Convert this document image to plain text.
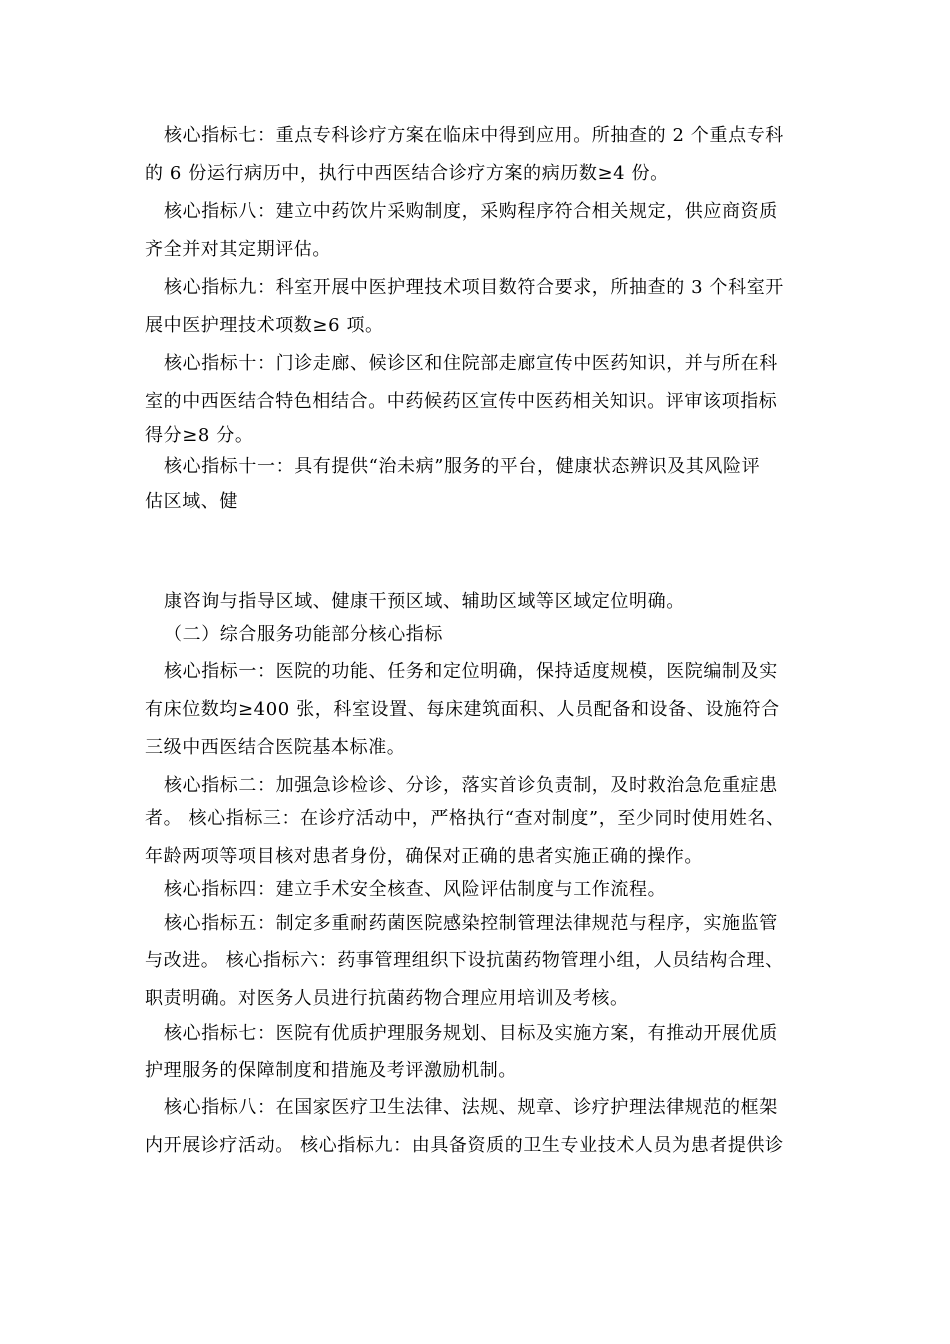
核心指标七：重点专科诊疗方案在临床中得到应用。所抽查的 2 个重点专科

的 6 份运行病历中，执行中西医结合诊疗方案的病历数≥4 份。

核心指标八：建立中药饮片采购制度，采购程序符合相关规定，供应商资质

齐全并对其定期评估。

核心指标九：科室开展中医护理技术项目数符合要求，所抽查的 3 个科室开

展中医护理技术项数≥6 项。

核心指标十：门诊走廊、候诊区和住院部走廊宣传中医药知识，并与所在科

室的中西医结合特色相结合。中药候药区宣传中医药相关知识。评审该项指标

得分≥8 分。

核心指标十一：具有提供“治未病”服务的平台，健康状态辨识及其风险评

估区域、健

康咨询与指导区域、健康干预区域、辅助区域等区域定位明确。

（二）综合服务功能部分核心指标

核心指标一：医院的功能、任务和定位明确，保持适度规模，医院编制及实

有床位数均≥400 张，科室设置、每床建筑面积、人员配备和设备、设施符合

三级中西医结合医院基本标准。

核心指标二：加强急诊检诊、分诊，落实首诊负责制，及时救治急危重症患

者。 核心指标三：在诊疗活动中，严格执行“查对制度”，至少同时使用姓名、

年龄两项等项目核对患者身份，确保对正确的患者实施正确的操作。

核心指标四：建立手术安全核查、风险评估制度与工作流程。

核心指标五：制定多重耐药菌医院感染控制管理法律规范与程序，实施监管

与改进。 核心指标六：药事管理组织下设抗菌药物管理小组，人员结构合理、

职责明确。对医务人员进行抗菌药物合理应用培训及考核。

核心指标七：医院有优质护理服务规划、目标及实施方案，有推动开展优质

护理服务的保障制度和措施及考评激励机制。

核心指标八：在国家医疗卫生法律、法规、规章、诊疗护理法律规范的框架

内开展诊疗活动。 核心指标九：由具备资质的卫生专业技术人员为患者提供诊
